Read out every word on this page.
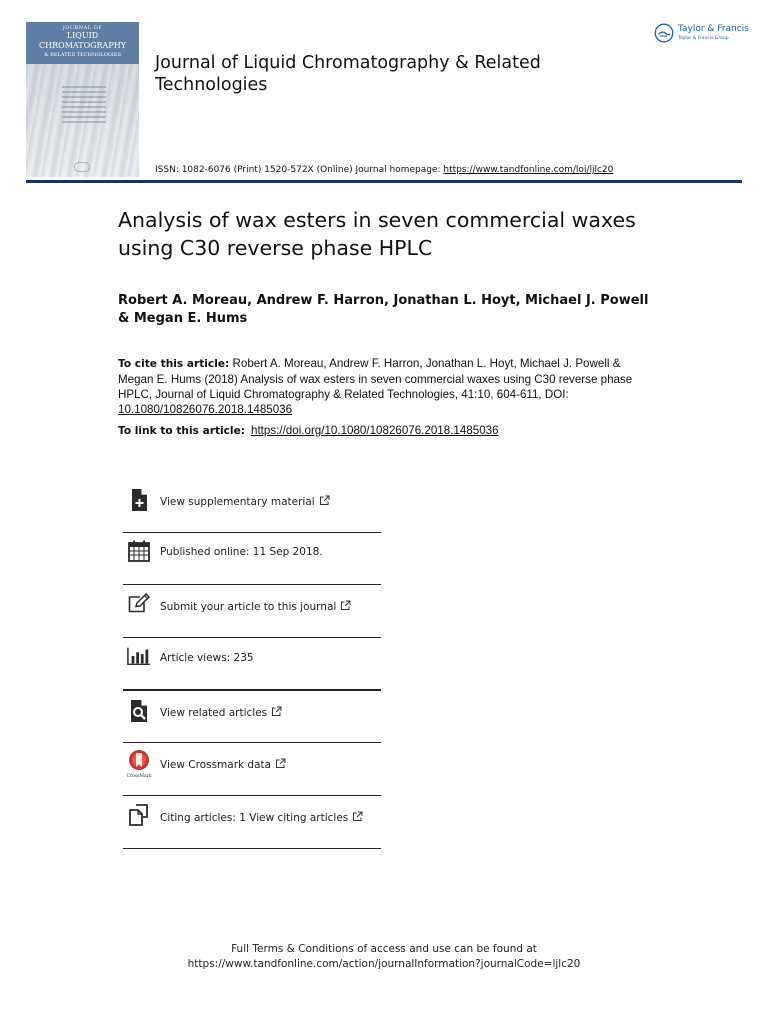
JOURNAL OF
LIQUID
CHROMATOGRAPHY
& RELATED TECHNOLOGIES	Journal of Liquid Chromatography & Related Technologies
ISSN: 1082-6076 (Print) 1520-572X (Online) Journal homepage: https://www.tandfonline.com/loi/ljlc20
Taylor & Francis
Taylor & Francis Group
Analysis of wax esters in seven commercial waxes using C30 reverse phase HPLC
Robert A. Moreau, Andrew F. Harron, Jonathan L. Hoyt, Michael J. Powell & Megan E. Hums
To cite this article: Robert A. Moreau, Andrew F. Harron, Jonathan L. Hoyt, Michael J. Powell & Megan E. Hums (2018) Analysis of wax esters in seven commercial waxes using C30 reverse phase HPLC, Journal of Liquid Chromatography & Related Technologies, 41:10, 604-611, DOI: 10.1080/10826076.2018.1485036
To link to this article: https://doi.org/10.1080/10826076.2018.1485036
View supplementary material
Published online: 11 Sep 2018.
Submit your article to this journal
Article views: 235
View related articles
CrossMark
View Crossmark data
Citing articles: 1 View citing articles
Full Terms & Conditions of access and use can be found at
https://www.tandfonline.com/action/journalInformation?journalCode=ljlc20
